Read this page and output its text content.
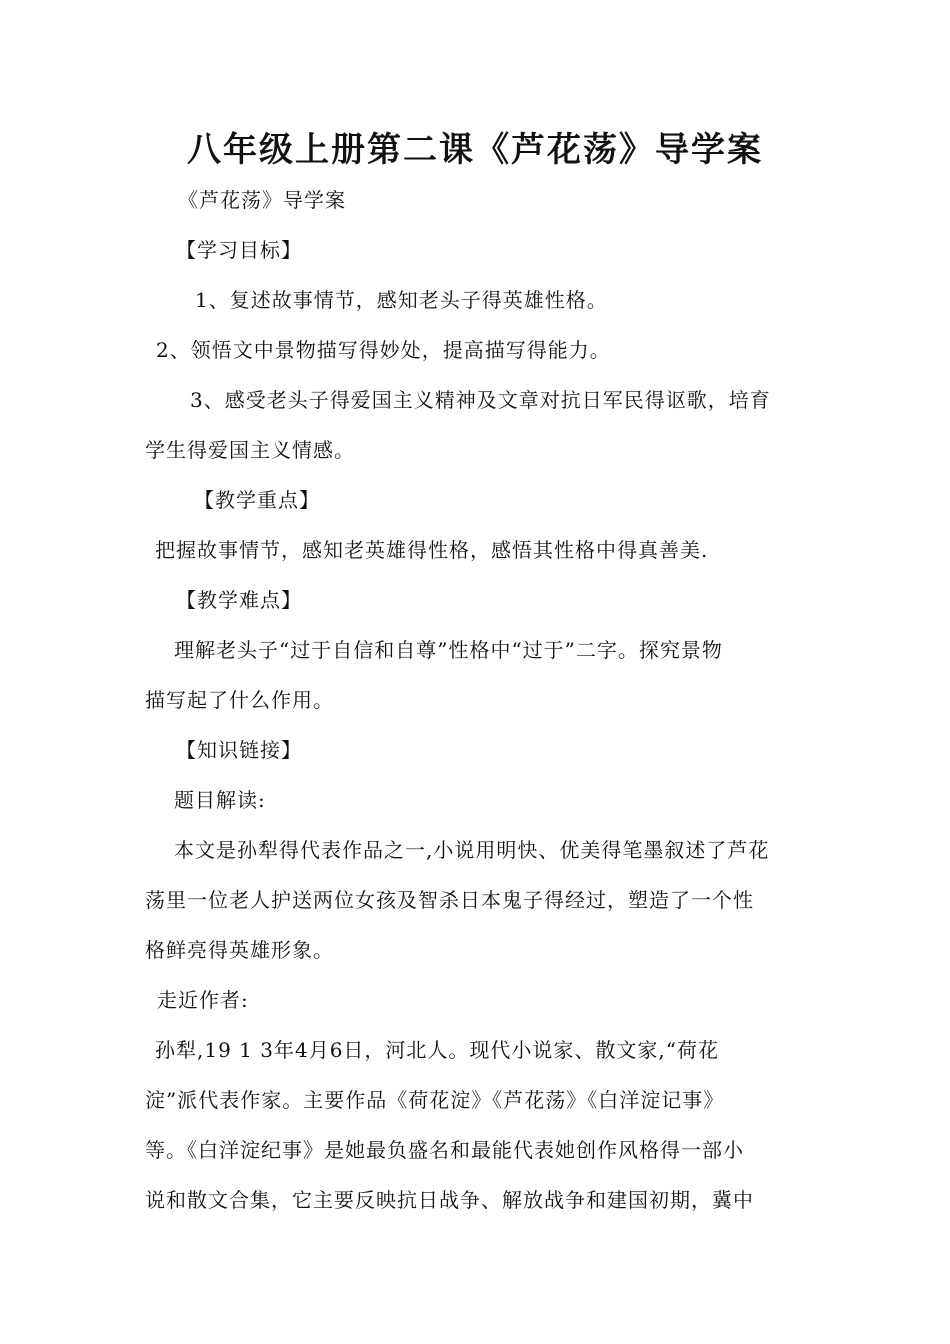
八年级上册第二课《芦花荡》导学案
《芦花荡》导学案
【学习目标】
1、复述故事情节，感知老头子得英雄性格。
2、领悟文中景物描写得妙处，提高描写得能力。
3、感受老头子得爱国主义精神及文章对抗日军民得讴歌，培育
学生得爱国主义情感。
【教学重点】
把握故事情节，感知老英雄得性格，感悟其性格中得真善美.
【教学难点】
理解老头子“过于自信和自尊”性格中“过于”二字。探究景物
描写起了什么作用。
【知识链接】
题目解读:
本文是孙犁得代表作品之一,小说用明快、优美得笔墨叙述了芦花
荡里一位老人护送两位女孩及智杀日本鬼子得经过，塑造了一个性
格鲜亮得英雄形象。
走近作者:
孙犁,19 1 3年4月6日，河北人。现代小说家、散文家,“荷花
淀”派代表作家。主要作品《荷花淀》《芦花荡》《白洋淀记事》
等。《白洋淀纪事》是她最负盛名和最能代表她创作风格得一部小
说和散文合集，它主要反映抗日战争、解放战争和建国初期，冀中
